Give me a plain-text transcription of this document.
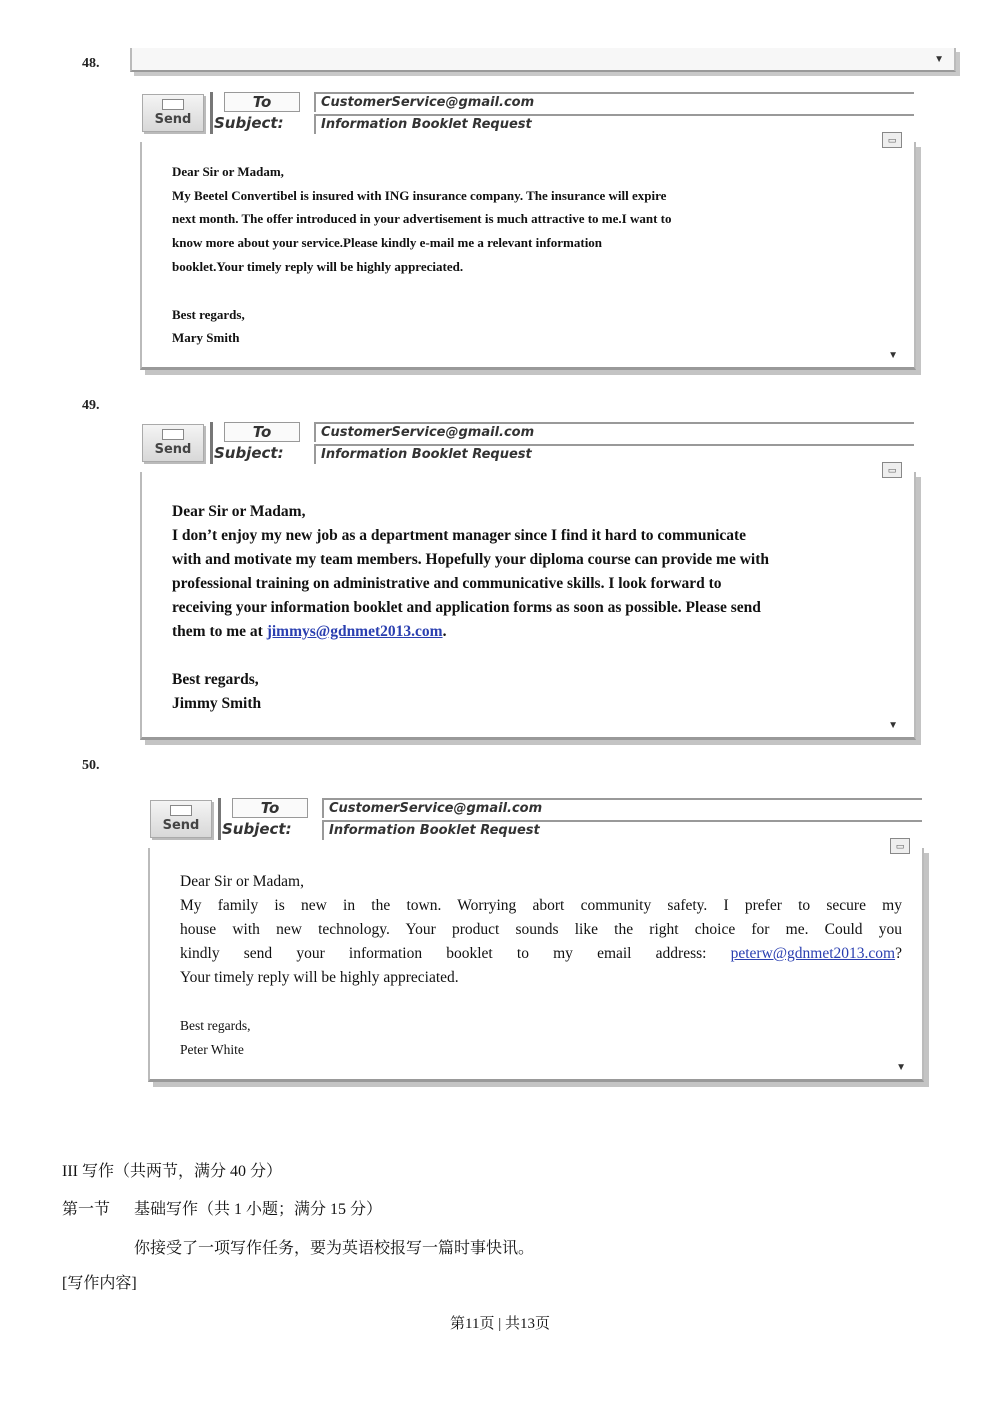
48.
49.
50.
▼
Send
To
Subject:
CustomerService@gmail.com
Information Booklet Request
▭

Dear Sir or Madam,

My Beetel Convertibel is insured with ING insurance company. The insurance will expire

next month. The offer introduced in your advertisement is much attractive to me.I want to

know more about your service.Please kindly e-mail me a relevant information

booklet.Your timely reply will be highly appreciated.

Best regards,

Mary Smith

▼
Send
To
Subject:
CustomerService@gmail.com
Information Booklet Request
▭

Dear Sir or Madam,

I don’t enjoy my new job as a department manager since I find it hard to communicate

with and motivate my team members. Hopefully your diploma course can provide me with

professional training on administrative and communicative skills. I look forward to

receiving your information booklet and application forms as soon as possible. Please send

them to me at jimmys@gdnmet2013.com.

Best regards,

Jimmy Smith

▼
Send
To
Subject:
CustomerService@gmail.com
Information Booklet Request
▭

Dear Sir or Madam,

My family is new in the town. Worrying abort community safety. I prefer to secure my

house with new technology. Your product sounds like the right choice for me. Could you

kindly send your information booklet to my email address: peterw@gdnmet2013.com?

Your timely reply will be highly appreciated.

Best regards,

Peter White

▼
III 写作（共两节，满分 40 分）
第一节      基础写作（共 1 小题；满分 15 分）
你接受了一项写作任务，要为英语校报写一篇时事快讯。
[写作内容]
第11页 | 共13页
